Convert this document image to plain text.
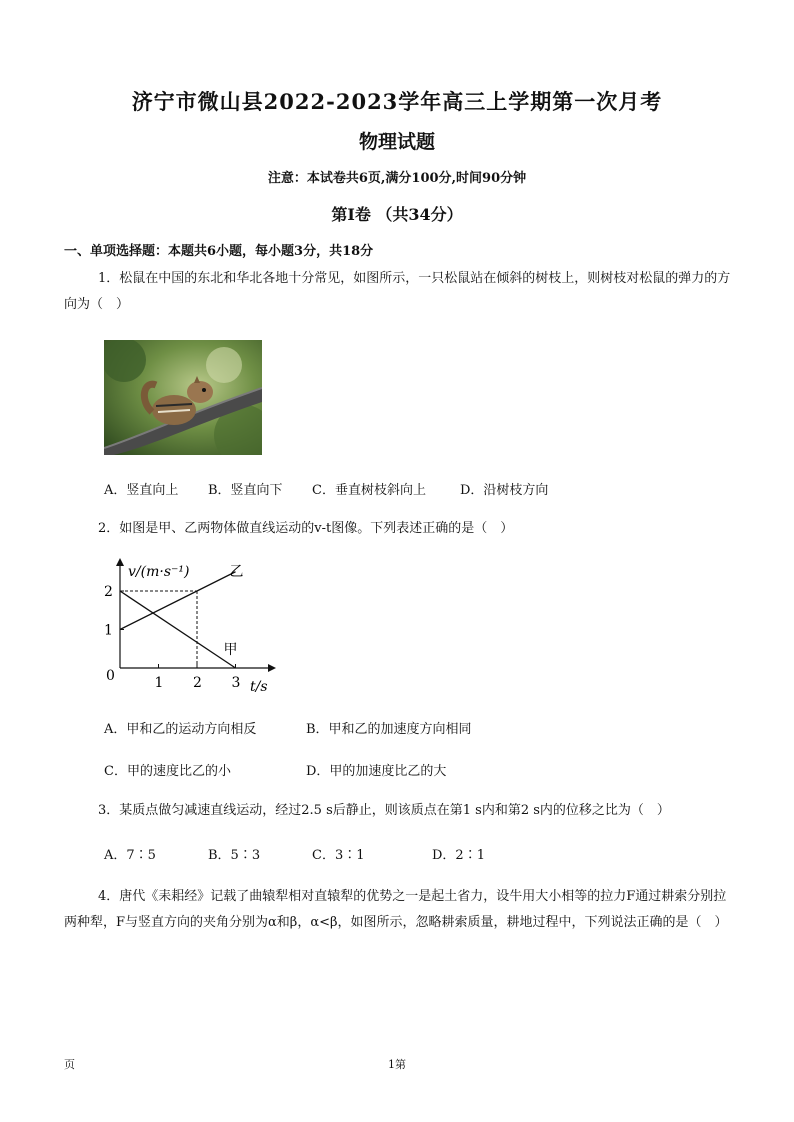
济宁市微山县2022-2023学年高三上学期第一次月考
物理试题
注意：本试卷共6页,满分100分,时间90分钟
第I卷 （共34分）
一、单项选择题：本题共6小题，每小题3分，共18分
1．松鼠在中国的东北和华北各地十分常见，如图所示，一只松鼠站在倾斜的树枝上，则树枝对松鼠的弹力的方向为（　）
A．竖直向上	B．竖直向下	C．垂直树枝斜向上	D．沿树枝方向
2．如图是甲、乙两物体做直线运动的v-t图像。下列表述正确的是（　）
v/(m·s⁻¹)
t/s
0	1 2 3
1
2
甲
乙
A．甲和乙的运动方向相反	B．甲和乙的加速度方向相同
C．甲的速度比乙的小	D．甲的加速度比乙的大
3．某质点做匀减速直线运动，经过2.5 s后静止，则该质点在第1 s内和第2 s内的位移之比为（　）
A．7∶5	B．5∶3	C．3∶1	D．2∶1
4．唐代《耒耜经》记载了曲辕犁相对直辕犁的优势之一是起土省力，设牛用大小相等的拉力F通过耕索分别拉两种犁，F与竖直方向的夹角分别为α和β，α<β，如图所示，忽略耕索质量，耕地过程中，下列说法正确的是（　）
页	1第
